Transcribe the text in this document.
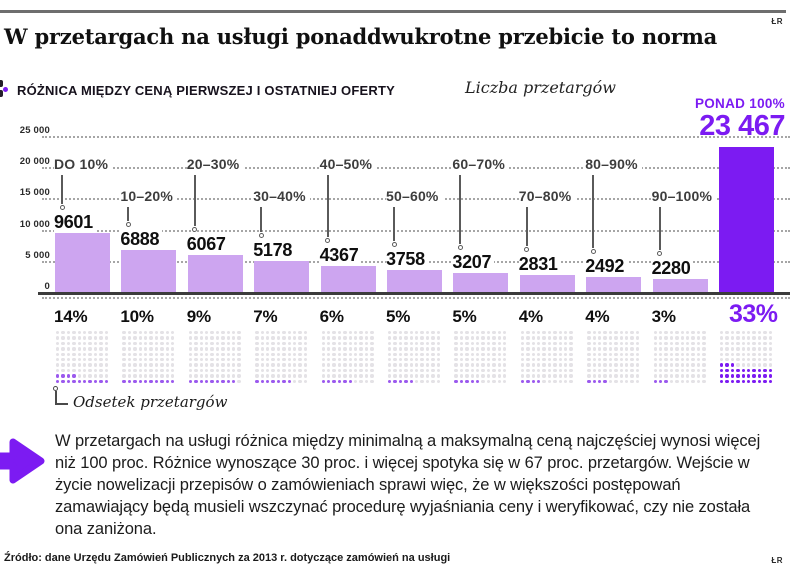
ŁR
W przetargach na usługi ponaddwukrotne przebicie to norma
RÓŻNICA MIĘDZY CENĄ PIERWSZEJ I OSTATNIEJ OFERTY	Liczba przetargów
25 000
20 000
15 000
10 000
5 000
0
9601
DO 10%
14%
6888
10–20%
10%
6067
20–30%
9%
5178
30–40%
7%
4367
40–50%
6%
3758
50–60%
5%
3207
60–70%
5%
2831
70–80%
4%
2492
80–90%
4%
2280
90–100%
3%
PONAD 100%
23 467
33%
Odsetek przetargów

W przetargach na usługi różnica między minimalną a maksymalną ceną najczęściej wynosi więcej niż 100 proc. Różnice wynoszące 30 proc. i więcej spotyka się w 67 proc. przetargów. Wejście w życie nowelizacji przepisów o zamówieniach sprawi więc, że w większości postępowań zamawiający będą musieli wszczynać procedurę wyjaśniania ceny i weryfikować, czy nie została ona zaniżona.

Źródło: dane Urzędu Zamówień Publicznych za 2013 r. dotyczące zamówień na usługi	ŁR
